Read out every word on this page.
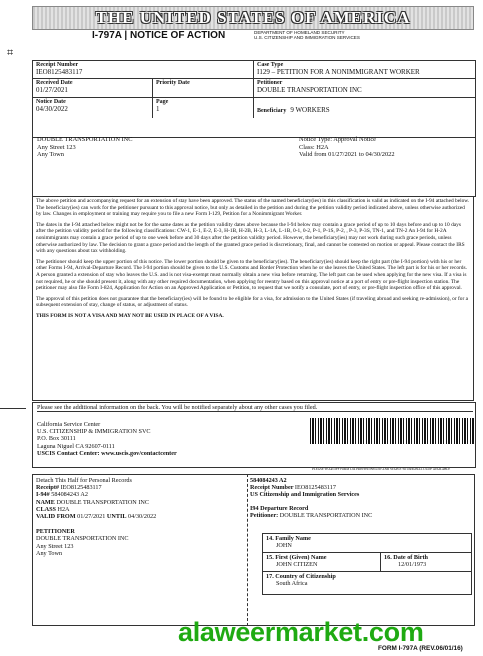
THE UNITED STATES OF AMERICA
I-797A | NOTICE OF ACTION	DEPARTMENT OF HOMELAND SECURITY
U.S. CITIZENSHIP AND IMMIGRATION SERVICES
⌗
Receipt Number
IEO8125483117
Case Type
I129 – PETITION FOR A NONIMMIGRANT WORKER
Received Date
01/27/2021
Priority Date	Petitioner
DOUBLE TRANSPORTATION INC
Notice Date
04/30/2022
Page
1	Beneficiary 9 WORKERS
DOUBLE TRANSPORTATION INC
Any Street 123
Any Town
Notice Type: Approval Notice
Class: H2A
Valid from 01/27/2021 to 04/30/2022
The above petition and accompanying request for an extension of stay have been approved. The status of the named beneficiary(ies) in this classification is valid as indicated on the I-94 attached below. The beneficiary(ies) can work for the petitioner pursuant to this approval notice, but only as detailed in the petition and during the petition validity period indicated above, unless otherwise authorized by law. Changes in employment or training may require you to file a new Form I-129, Petition for a Nonimmigrant Worker.
The dates in the I-94 attached below might not be for the same dates as the petition validity dates above because the I-94 below may contain a grace period of up to 10 days before and up to 10 days after the petition validity period for the following classifications: CW-1, E-1, E-2, E-3, H-1B, H-2B, H-3, L-1A, L-1B, 0-1, 0-2, P-1, P-1S, P-2, , P-3, P-3S, TN-1, and TN-2 An I-94 for H-2A nonimmigrants may contain a grace period of up to one week before and 30 days after the petition validity period. However, the beneficiary(ies) may not work during such grace periods, unless otherwise authorized by law. The decision to grant a grace period and the length of the granted grace period is discretionary, final, and cannot be contested on motion or appeal. Please contact the IRS with any questions about tax withholding.
The petitioner should keep the upper portion of this notice. The lower portion should be given to the beneficiary(ies). The beneficiary(ies) should keep the right part (the I-94 portion) with his or her other Forms I-94, Arrival-Departure Record. The I-94 portion should be given to the U.S. Customs and Border Protection when he or she leaves the United States. The left part is for his or her records. A person granted a extension of stay who leaves the U.S. and is not visa-exempt must normally obtain a new visa before returning. The left part can be used when applying for the new visa. If a visa is not required, he or she should present it, along with any other required documentation, when applying for reentry based on this approval notice at a port of entry or pre-flight inspection station. The petitioner may also file Form I-824, Application for Action on an Approved Application or Petition, to request that we notify a consulate, port of entry, or pre-flight inspection office of this approval.
The approval of this petition does not guarantee that the beneficiary(ies) will be found to be eligible for a visa, for admission to the United States (if traveling abroad and seeking re-admission), or for a subsequent extension of stay, change of status, or adjustment of status.
THIS FORM IS NOT A VISA AND MAY NOT BE USED IN PLACE OF A VISA.
Please see the additional information on the back. You will be notified separately about any other cases you filed.
California Service Center
U.S. CITIZENSHIP & IMMIGRATION SVC
P.O. Box 30111
Laguna Niguel CA 92607-0111
USCIS Contact Center: www.uscis.gov/contactcenter
PLEASE TEAR OFF FORM I-94 PRINTED BELOW AND STAPLE TO ORIGINAL I-94 IF AVAILABLE
Detach This Half for Personal Records
Receipt# IEO8125483117
I-94# 584084243 A2
NAME DOUBLE TRANSPORTATION INC
CLASS H2A
VALID FROM 01/27/2021 UNTIL 04/30/2022
PETITIONER
DOUBLE TRANSPORTATION INC
Any Street 123
Any Town
584084243 A2
Receipt Number IEO8125483117
US Citizenship and Immigration Services
I94 Departure Record
Petitioner: DOUBLE TRANSPORTATION INC
14. Family Name
JOHN
15. First (Given) Name
JOHN CITIZEN
16. Date of Birth
12/01/1973
17. Country of Citizenship
South Africa
alaweermarket.com
FORM I-797A (REV.06/01/16)
